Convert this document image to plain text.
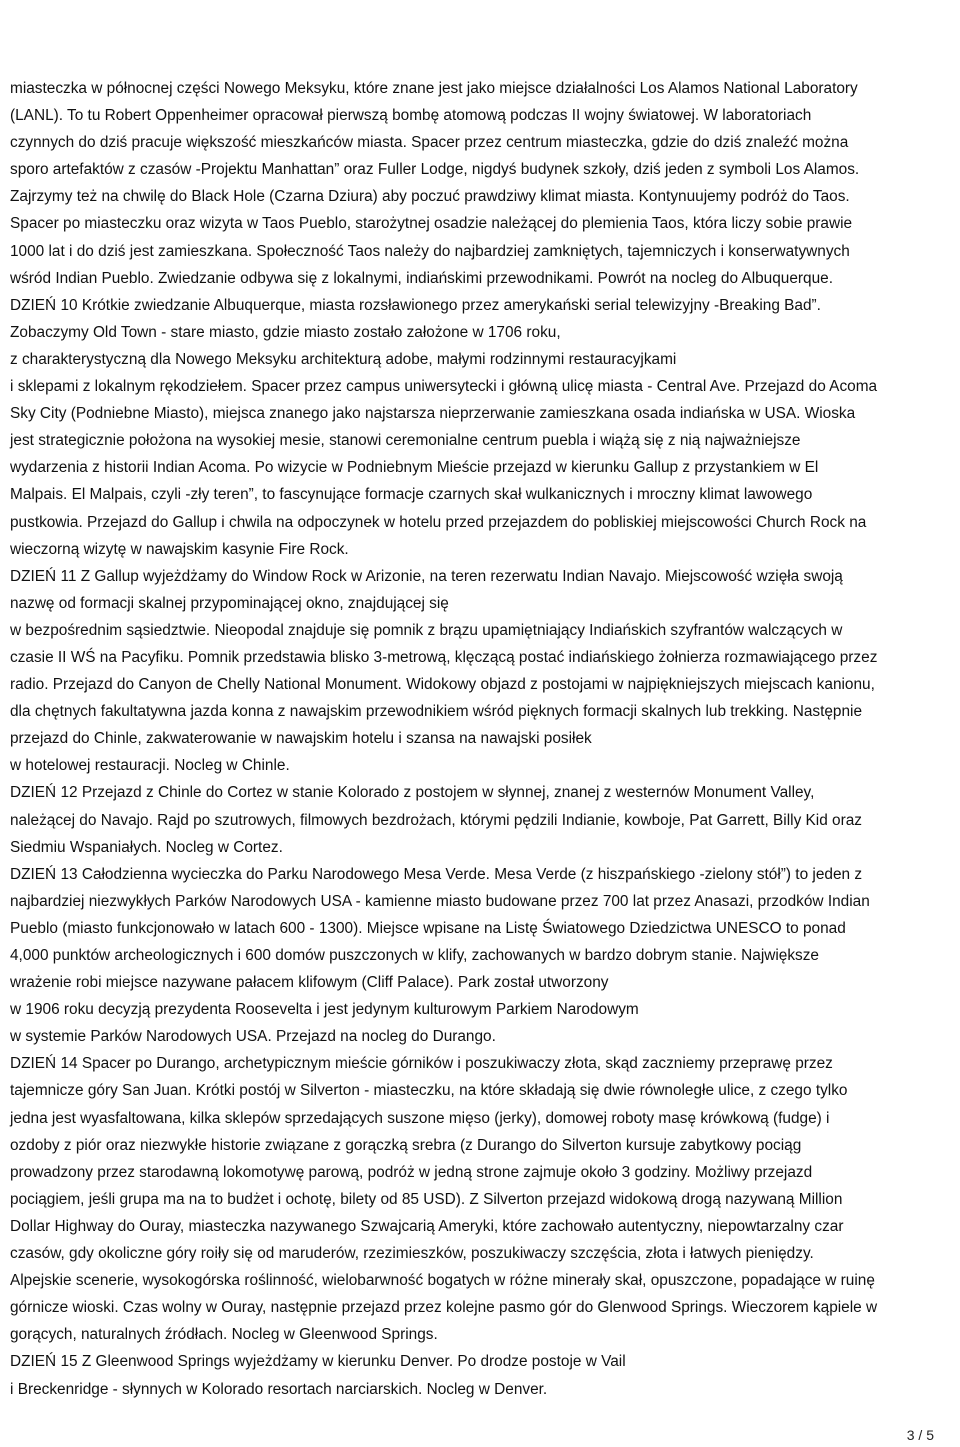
miasteczka w północnej części Nowego Meksyku, które znane jest jako miejsce działalności Los Alamos National Laboratory
(LANL). To tu Robert Oppenheimer opracował pierwszą bombę atomową podczas II wojny światowej. W laboratoriach
czynnych do dziś pracuje większość mieszkańców miasta. Spacer przez centrum miasteczka, gdzie do dziś znaleźć można
sporo artefaktów z czasów -Projektu Manhattan” oraz Fuller Lodge, nigdyś budynek szkoły, dziś jeden z symboli Los Alamos.
Zajrzymy też na chwilę do Black Hole (Czarna Dziura) aby poczuć prawdziwy klimat miasta. Kontynuujemy podróż do Taos.
Spacer po miasteczku oraz wizyta w Taos Pueblo, starożytnej osadzie należącej do plemienia Taos, która liczy sobie prawie
1000 lat i do dziś jest zamieszkana. Społeczność Taos należy do najbardziej zamkniętych, tajemniczych i konserwatywnych
wśród Indian Pueblo. Zwiedzanie odbywa się z lokalnymi, indiańskimi przewodnikami. Powrót na nocleg do Albuquerque.
DZIEŃ 10 Krótkie zwiedzanie Albuquerque, miasta rozsławionego przez amerykański serial telewizyjny -Breaking Bad”.
Zobaczymy Old Town - stare miasto, gdzie miasto zostało założone w 1706 roku,
z charakterystyczną dla Nowego Meksyku architekturą adobe, małymi rodzinnymi restauracyjkami
i sklepami z lokalnym rękodziełem. Spacer przez campus uniwersytecki i główną ulicę miasta - Central Ave. Przejazd do Acoma
Sky City (Podniebne Miasto), miejsca znanego jako najstarsza nieprzerwanie zamieszkana osada indiańska w USA. Wioska
jest strategicznie położona na wysokiej mesie, stanowi ceremonialne centrum puebla i wiążą się z nią najważniejsze
wydarzenia z historii Indian Acoma. Po wizycie w Podniebnym Mieście przejazd w kierunku Gallup z przystankiem w El
Malpais. El Malpais, czyli -zły teren”, to fascynujące formacje czarnych skał wulkanicznych i mroczny klimat lawowego
pustkowia. Przejazd do Gallup i chwila na odpoczynek w hotelu przed przejazdem do pobliskiej miejscowości Church Rock na
wieczorną wizytę w nawajskim kasynie Fire Rock.
DZIEŃ 11 Z Gallup wyjeżdżamy do Window Rock w Arizonie, na teren rezerwatu Indian Navajo. Miejscowość wzięła swoją
nazwę od formacji skalnej przypominającej okno, znajdującej się
w bezpośrednim sąsiedztwie. Nieopodal znajduje się pomnik z brązu upamiętniający Indiańskich szyfrantów walczących w
czasie II WŚ na Pacyfiku. Pomnik przedstawia blisko 3-metrową, klęczącą postać indiańskiego żołnierza rozmawiającego przez
radio. Przejazd do Canyon de Chelly National Monument. Widokowy objazd z postojami w najpiękniejszych miejscach kanionu,
dla chętnych fakultatywna jazda konna z nawajskim przewodnikiem wśród pięknych formacji skalnych lub trekking. Następnie
przejazd do Chinle, zakwaterowanie w nawajskim hotelu i szansa na nawajski posiłek
w hotelowej restauracji. Nocleg w Chinle.
DZIEŃ 12 Przejazd z Chinle do Cortez w stanie Kolorado z postojem w słynnej, znanej z westernów Monument Valley,
należącej do Navajo. Rajd po szutrowych, filmowych bezdrożach, którymi pędzili Indianie, kowboje, Pat Garrett, Billy Kid oraz
Siedmiu Wspaniałych. Nocleg w Cortez.
DZIEŃ 13 Całodzienna wycieczka do Parku Narodowego Mesa Verde. Mesa Verde (z hiszpańskiego -zielony stół”) to jeden z
najbardziej niezwykłych Parków Narodowych USA - kamienne miasto budowane przez 700 lat przez Anasazi, przodków Indian
Pueblo (miasto funkcjonowało w latach 600 - 1300). Miejsce wpisane na Listę Światowego Dziedzictwa UNESCO to ponad
4,000 punktów archeologicznych i 600 domów puszczonych w klify, zachowanych w bardzo dobrym stanie. Największe
wrażenie robi miejsce nazywane pałacem klifowym (Cliff Palace). Park został utworzony
w 1906 roku decyzją prezydenta Roosevelta i jest jedynym kulturowym Parkiem Narodowym
w systemie Parków Narodowych USA. Przejazd na nocleg do Durango.
DZIEŃ 14 Spacer po Durango, archetypicznym mieście górników i poszukiwaczy złota, skąd zaczniemy przeprawę przez
tajemnicze góry San Juan. Krótki postój w Silverton - miasteczku, na które składają się dwie równoległe ulice, z czego tylko
jedna jest wyasfaltowana, kilka sklepów sprzedających suszone mięso (jerky), domowej roboty masę krówkową (fudge) i
ozdoby z piór oraz niezwykłe historie związane z gorączką srebra (z Durango do Silverton kursuje zabytkowy pociąg
prowadzony przez starodawną lokomotywę parową, podróż w jedną strone zajmuje około 3 godziny. Możliwy przejazd
pociągiem, jeśli grupa ma na to budżet i ochotę, bilety od 85 USD). Z Silverton przejazd widokową drogą nazywaną Million
Dollar Highway do Ouray, miasteczka nazywanego Szwajcarią Ameryki, które zachowało autentyczny, niepowtarzalny czar
czasów, gdy okoliczne góry roiły się od maruderów, rzezimieszków, poszukiwaczy szczęścia, złota i łatwych pieniędzy.
Alpejskie scenerie, wysokogórska roślinność, wielobarwność bogatych w różne minerały skał, opuszczone, popadające w ruinę
górnicze wioski. Czas wolny w Ouray, następnie przejazd przez kolejne pasmo gór do Glenwood Springs. Wieczorem kąpiele w
gorących, naturalnych źródłach. Nocleg w Gleenwood Springs.
DZIEŃ 15 Z Gleenwood Springs wyjeżdżamy w kierunku Denver. Po drodze postoje w Vail
i Breckenridge - słynnych w Kolorado resortach narciarskich. Nocleg w Denver.
3 / 5
